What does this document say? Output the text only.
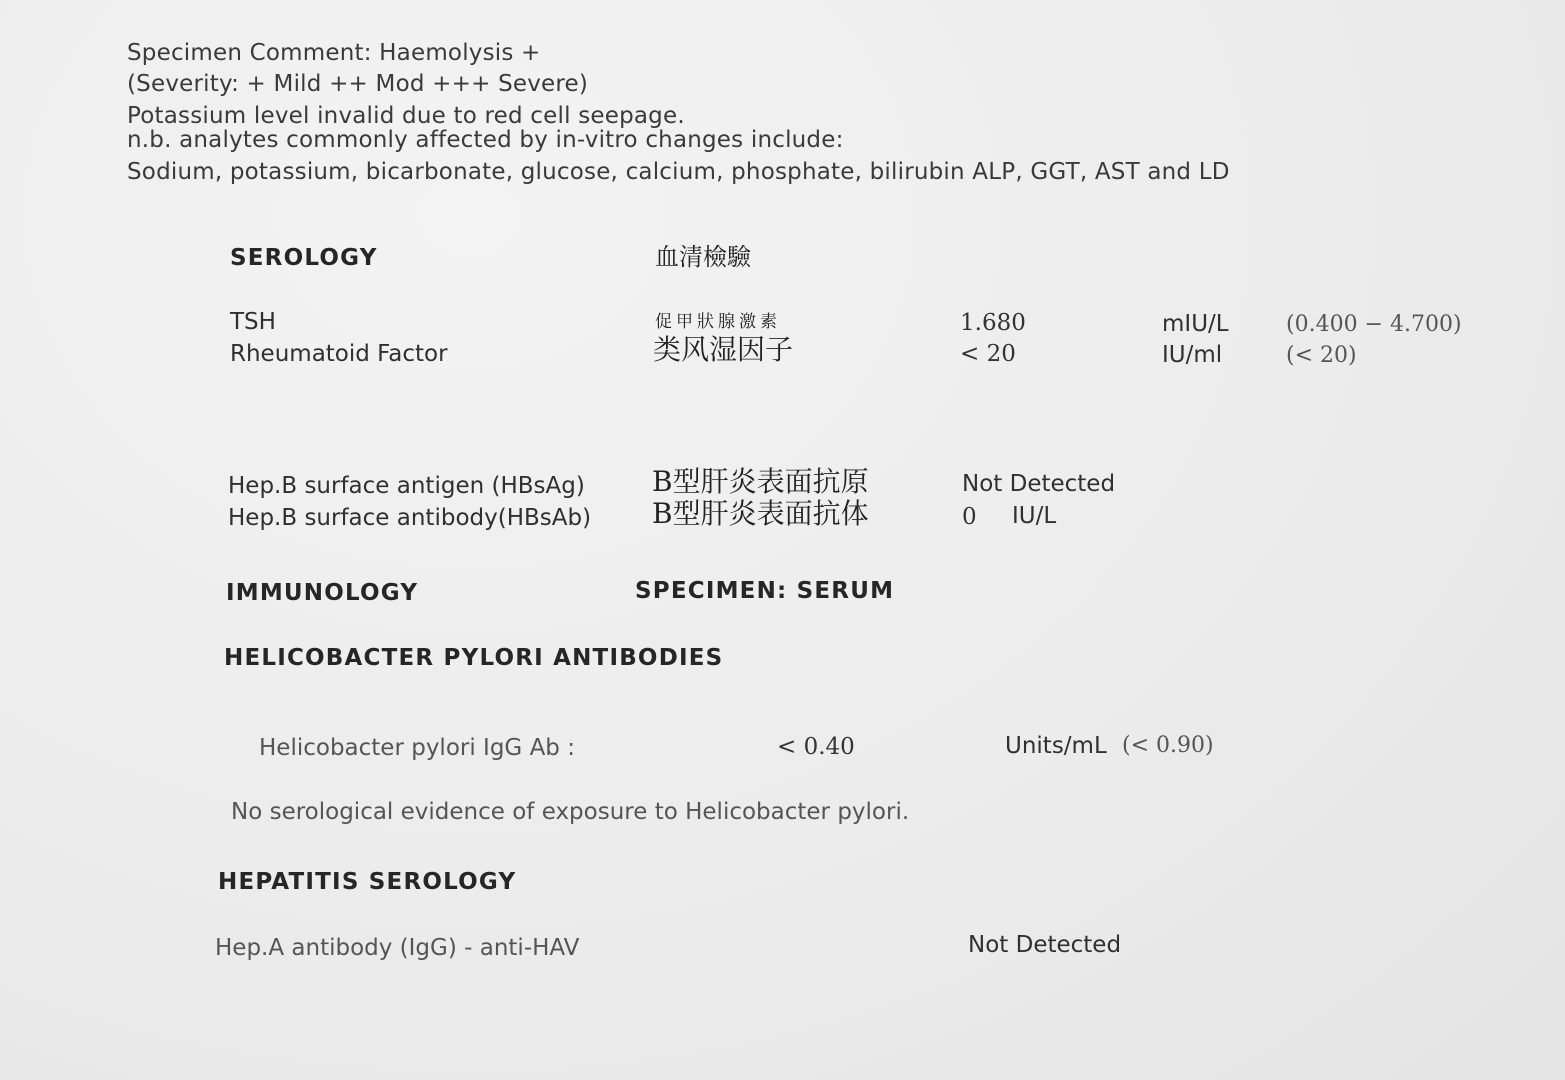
Specimen Comment: Haemolysis +
(Severity: + Mild ++ Mod +++ Severe)
Potassium level invalid due to red cell seepage.
n.b. analytes commonly affected by in-vitro changes include:
Sodium, potassium, bicarbonate, glucose, calcium, phosphate, bilirubin ALP, GGT, AST and LD
SEROLOGY	血清檢驗
TSH	促甲狀腺激素	1.680	mIU/L	(0.400 − 4.700)
Rheumatoid Factor	类风湿因子	< 20	IU/ml	(< 20)
Hep.B surface antigen (HBsAg) B型肝炎表面抗原	Not Detected
Hep.B surface antibody(HBsAb) B型肝炎表面抗体	0 IU/L
IMMUNOLOGY	SPECIMEN: SERUM
HELICOBACTER PYLORI ANTIBODIES
Helicobacter pylori IgG Ab :	< 0.40	Units/mL (< 0.90)
No serological evidence of exposure to Helicobacter pylori.
HEPATITIS SEROLOGY
Hep.A antibody (IgG) - anti-HAV	Not Detected
